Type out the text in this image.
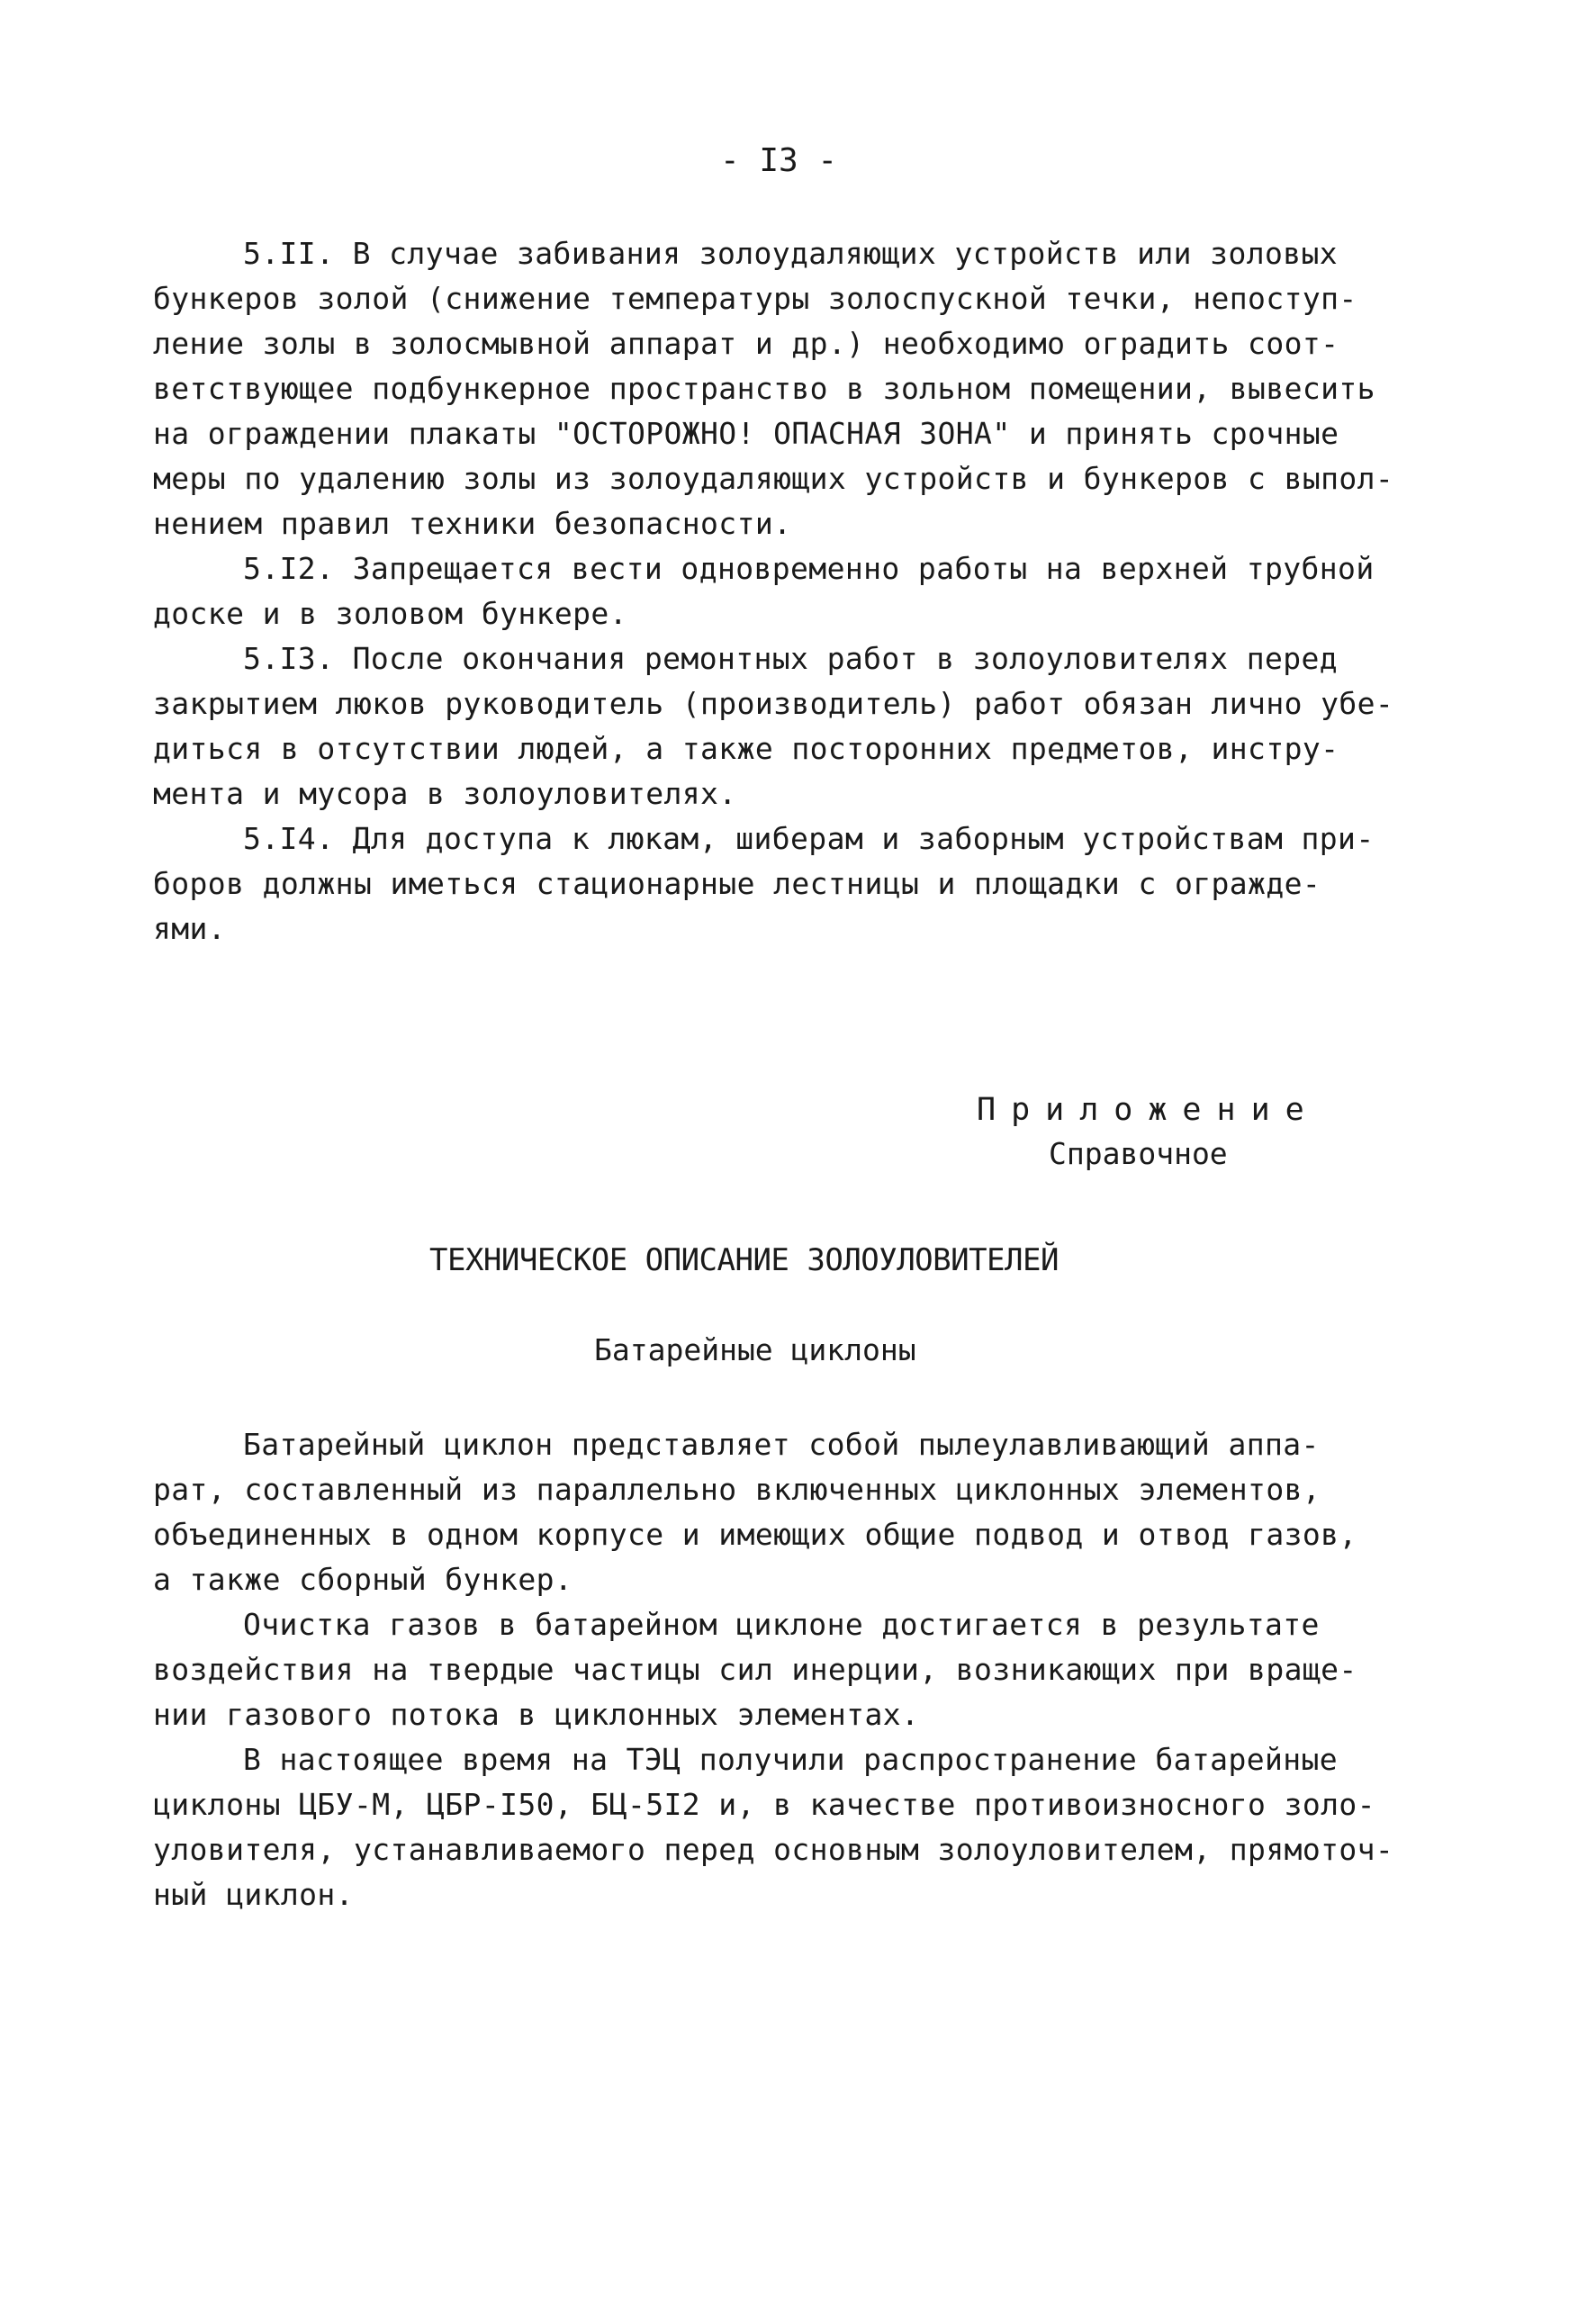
- I3 -
5.II. В случае забивания золоудаляющих устройств или золовых
бункеров золой (снижение температуры золоспускной течки, непоступ-
ление золы в золосмывной аппарат и др.) необходимо оградить соот-
ветствующее подбункерное пространство в зольном помещении, вывесить
на ограждении плакаты "ОСТОРОЖНО! ОПАСНАЯ ЗОНА" и принять срочные
меры по удалению золы из золоудаляющих устройств и бункеров с выпол-
нением правил техники безопасности.
5.I2. Запрещается вести одновременно работы на верхней трубной
доске и в золовом бункере.
5.I3. После окончания ремонтных работ в золоуловителях перед
закрытием люков руководитель (производитель) работ обязан лично убе-
диться в отсутствии людей, а также посторонних предметов, инстру-
мента и мусора в золоуловителях.
5.I4. Для доступа к люкам, шиберам и заборным устройствам при-
боров должны иметься стационарные лестницы и площадки с огражде-
ями.
Приложение
Справочное
ТЕХНИЧЕСКОЕ ОПИСАНИЕ ЗОЛОУЛОВИТЕЛЕЙ
Батарейные циклоны
Батарейный циклон представляет собой пылеулавливающий аппа-
рат, составленный из параллельно включенных циклонных элементов,
объединенных в одном корпусе и имеющих общие подвод и отвод газов,
а также сборный бункер.
Очистка газов в батарейном циклоне достигается в результате
воздействия на твердые частицы сил инерции, возникающих при враще-
нии газового потока в циклонных элементах.
В настоящее время на ТЭЦ получили распространение батарейные
циклоны ЦБУ-М, ЦБР-I50, БЦ-5I2 и, в качестве противоизносного золо-
уловителя, устанавливаемого перед основным золоуловителем, прямоточ-
ный циклон.
